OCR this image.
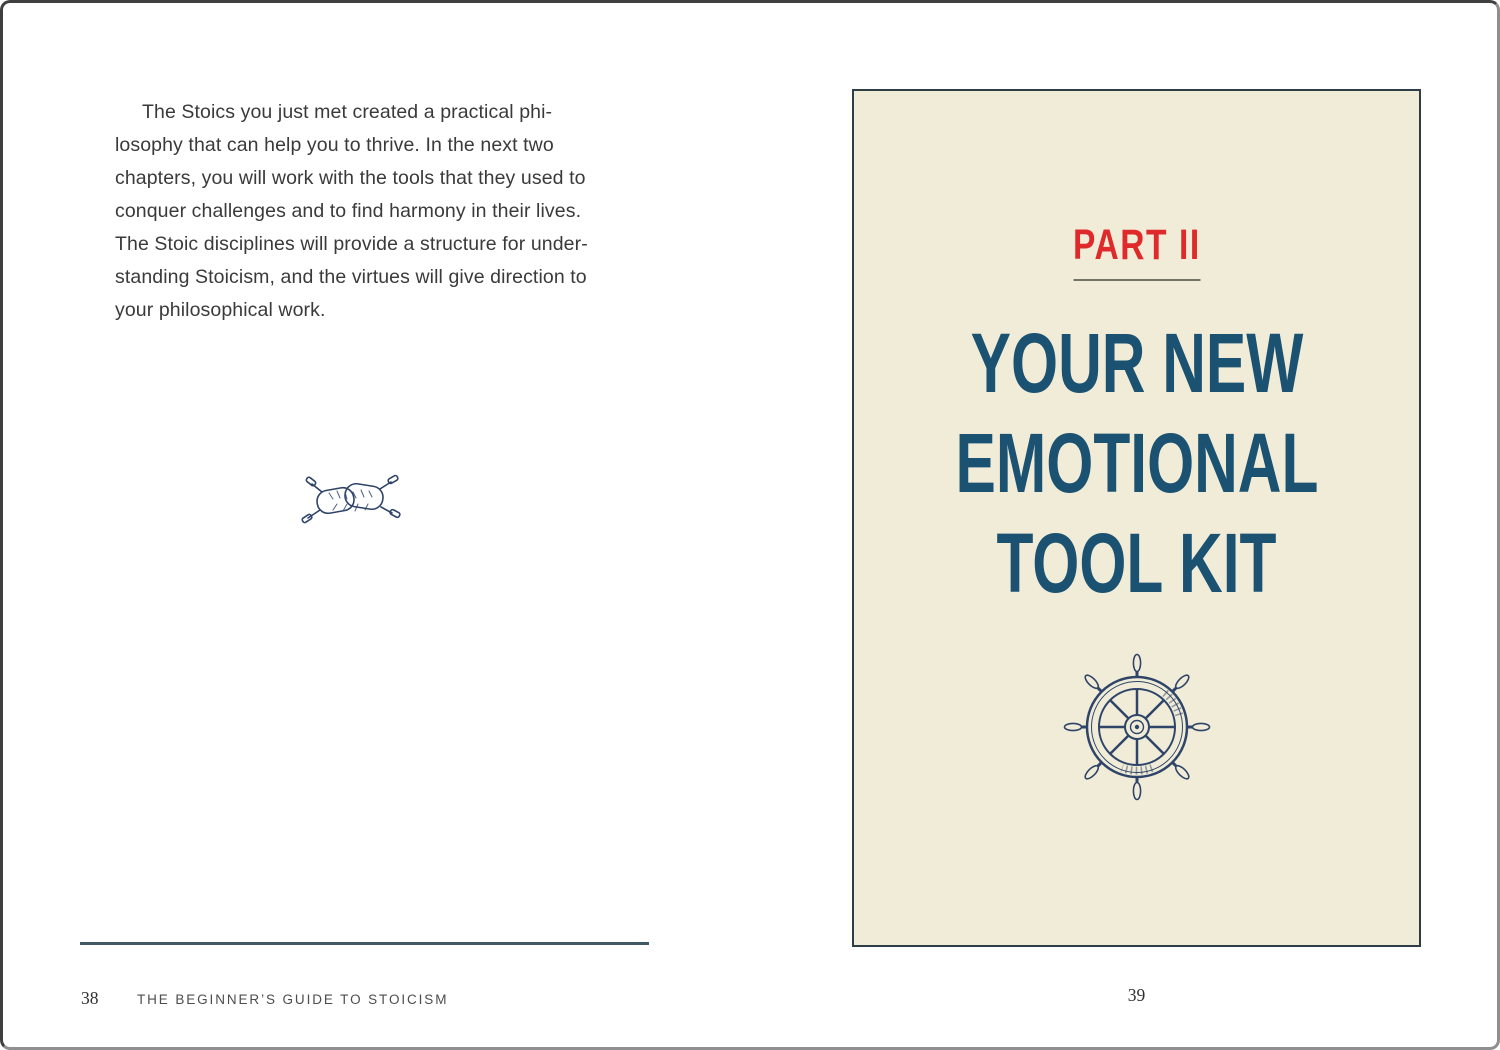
The Stoics you just met created a practical phi-
losophy that can help you to thrive. In the next two
chapters, you will work with the tools that they used to
conquer challenges and to find harmony in their lives.
The Stoic disciplines will provide a structure for under-
standing Stoicism, and the virtues will give direction to
your philosophical work.
38	THE BEGINNER’S GUIDE TO STOICISM
PART II
YOUR NEW
EMOTIONAL
TOOL KIT
39
